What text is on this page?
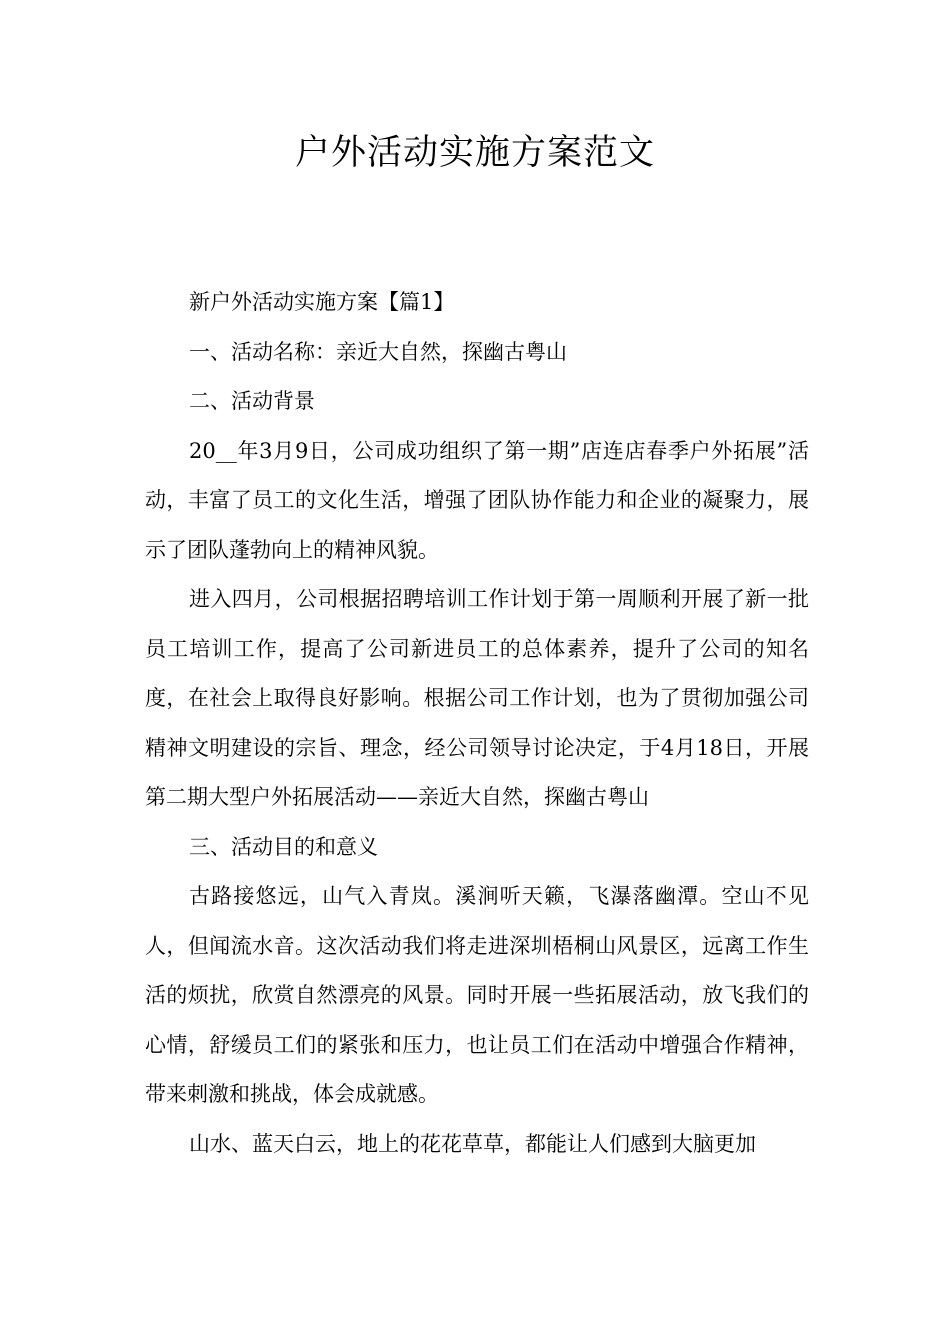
户外活动实施方案范文

新户外活动实施方案【篇1】

一、活动名称：亲近大自然，探幽古粤山

二、活动背景

20__年3月9日，公司成功组织了第一期”店连店春季户外拓展”活动，丰富了员工的文化生活，增强了团队协作能力和企业的凝聚力，展示了团队蓬勃向上的精神风貌。

进入四月，公司根据招聘培训工作计划于第一周顺利开展了新一批员工培训工作，提高了公司新进员工的总体素养，提升了公司的知名度，在社会上取得良好影响。根据公司工作计划，也为了贯彻加强公司精神文明建设的宗旨、理念，经公司领导讨论决定，于4月18日，开展第二期大型户外拓展活动——亲近大自然，探幽古粤山

三、活动目的和意义

古路接悠远，山气入青岚。溪涧听天籁，飞瀑落幽潭。空山不见人，但闻流水音。这次活动我们将走进深圳梧桐山风景区，远离工作生活的烦扰，欣赏自然漂亮的风景。同时开展一些拓展活动，放飞我们的心情，舒缓员工们的紧张和压力，也让员工们在活动中增强合作精神，带来刺激和挑战，体会成就感。

山水、蓝天白云，地上的花花草草，都能让人们感到大脑更加
